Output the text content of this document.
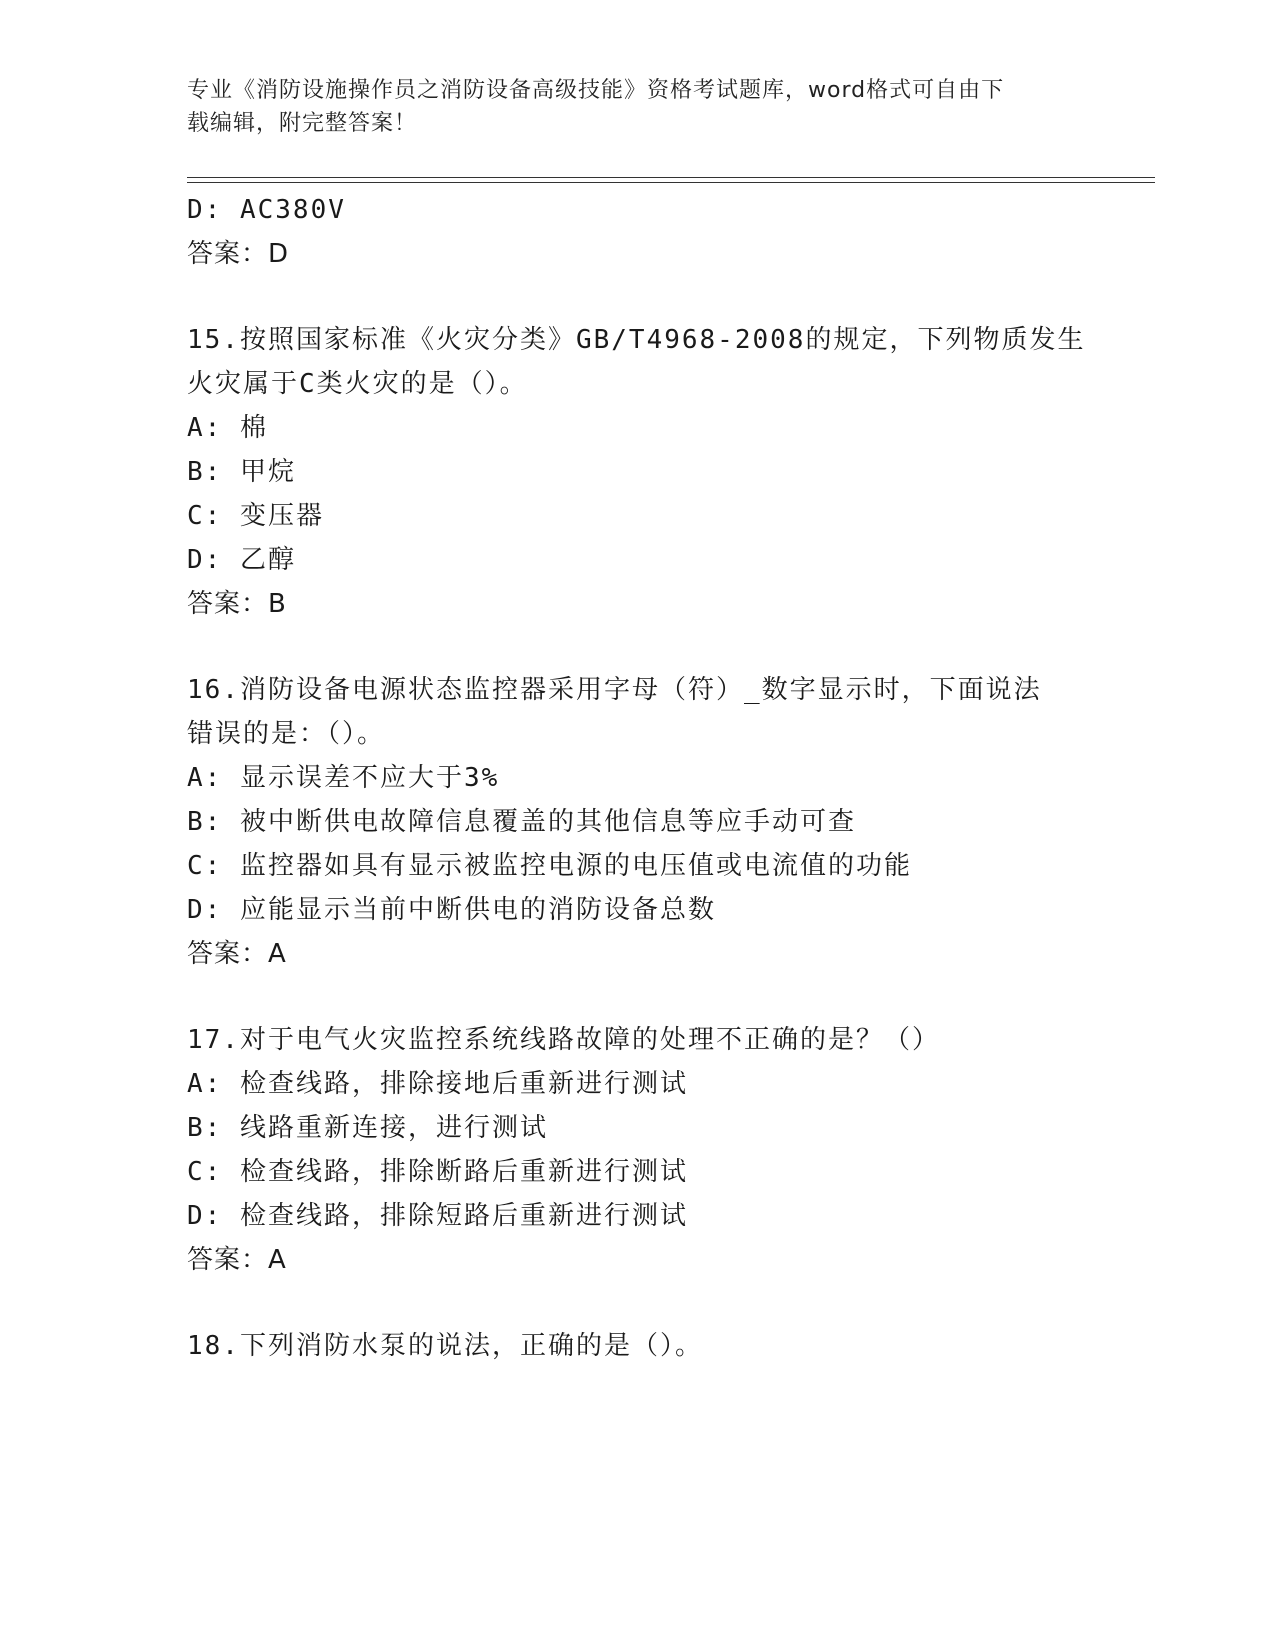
专业《消防设施操作员之消防设备高级技能》资格考试题库，word格式可自由下
载编辑，附完整答案！
D: AC380V
答案：D
15.按照国家标准《火灾分类》GB/T4968-2008的规定，下列物质发生
火灾属于C类火灾的是（）。
A: 棉
B: 甲烷
C: 变压器
D: 乙醇
答案：B
16.消防设备电源状态监控器采用字母（符）_数字显示时，下面说法
错误的是：（）。
A: 显示误差不应大于3%
B: 被中断供电故障信息覆盖的其他信息等应手动可查
C: 监控器如具有显示被监控电源的电压值或电流值的功能
D: 应能显示当前中断供电的消防设备总数
答案：A
17.对于电气火灾监控系统线路故障的处理不正确的是？（）
A: 检查线路，排除接地后重新进行测试
B: 线路重新连接，进行测试
C: 检查线路，排除断路后重新进行测试
D: 检查线路，排除短路后重新进行测试
答案：A
18.下列消防水泵的说法，正确的是（）。
